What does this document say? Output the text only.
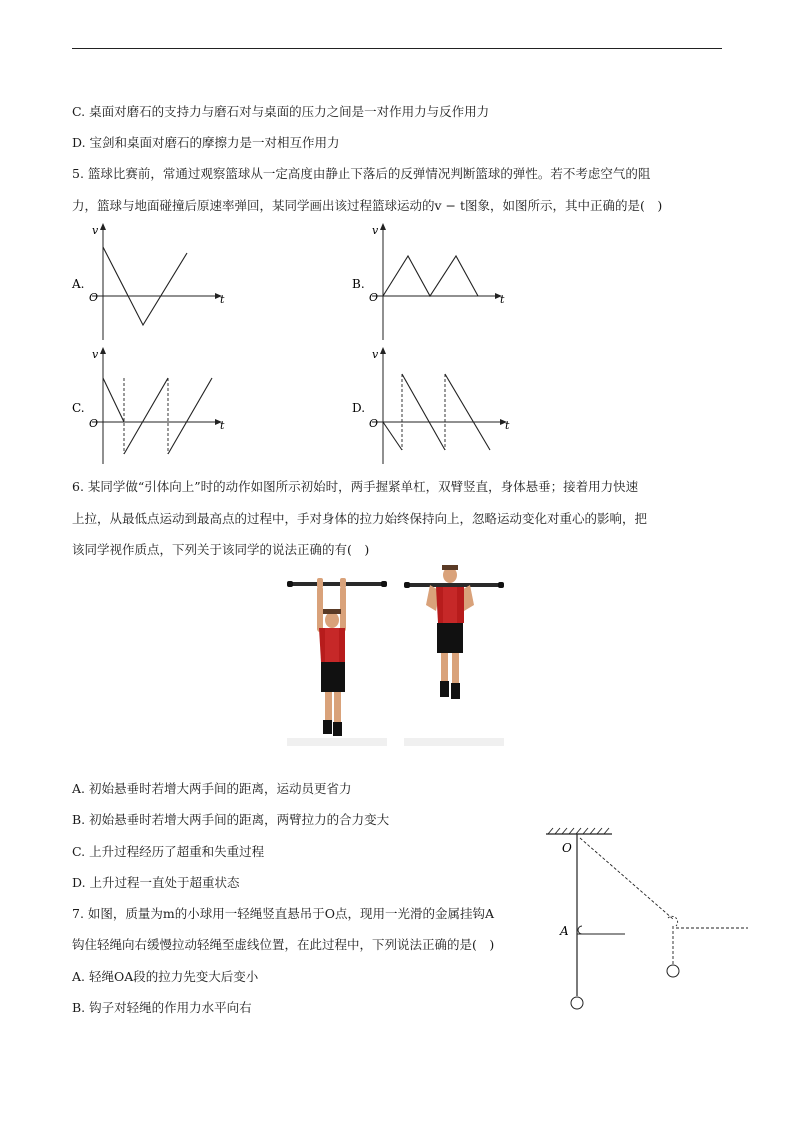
C. 桌面对磨石的支持力与磨石对与桌面的压力之间是一对作用力与反作用力
D. 宝剑和桌面对磨石的摩擦力是一对相互作用力
5. 篮球比赛前，常通过观察篮球从一定高度由静止下落后的反弹情况判断篮球的弹性。若不考虑空气的阻
力，篮球与地面碰撞后原速率弹回，某同学画出该过程篮球运动的v − t图象，如图所示，其中正确的是(　)
A.
v
t
O
B.
v
t
O
C.
v
t
O
D.
v
t
O
6. 某同学做“引体向上”时的动作如图所示初始时，两手握紧单杠，双臂竖直，身体悬垂；接着用力快速
上拉，从最低点运动到最高点的过程中，手对身体的拉力始终保持向上，忽略运动变化对重心的影响，把
该同学视作质点，下列关于该同学的说法正确的有(　)
A. 初始悬垂时若增大两手间的距离，运动员更省力
B. 初始悬垂时若增大两手间的距离，两臂拉力的合力变大
C. 上升过程经历了超重和失重过程
D. 上升过程一直处于超重状态
7. 如图，质量为m的小球用一轻绳竖直悬吊于O点，现用一光滑的金属挂钩A
钩住轻绳向右缓慢拉动轻绳至虚线位置，在此过程中，下列说法正确的是(　)
A. 轻绳OA段的拉力先变大后变小
B. 钩子对轻绳的作用力水平向右
O
A
